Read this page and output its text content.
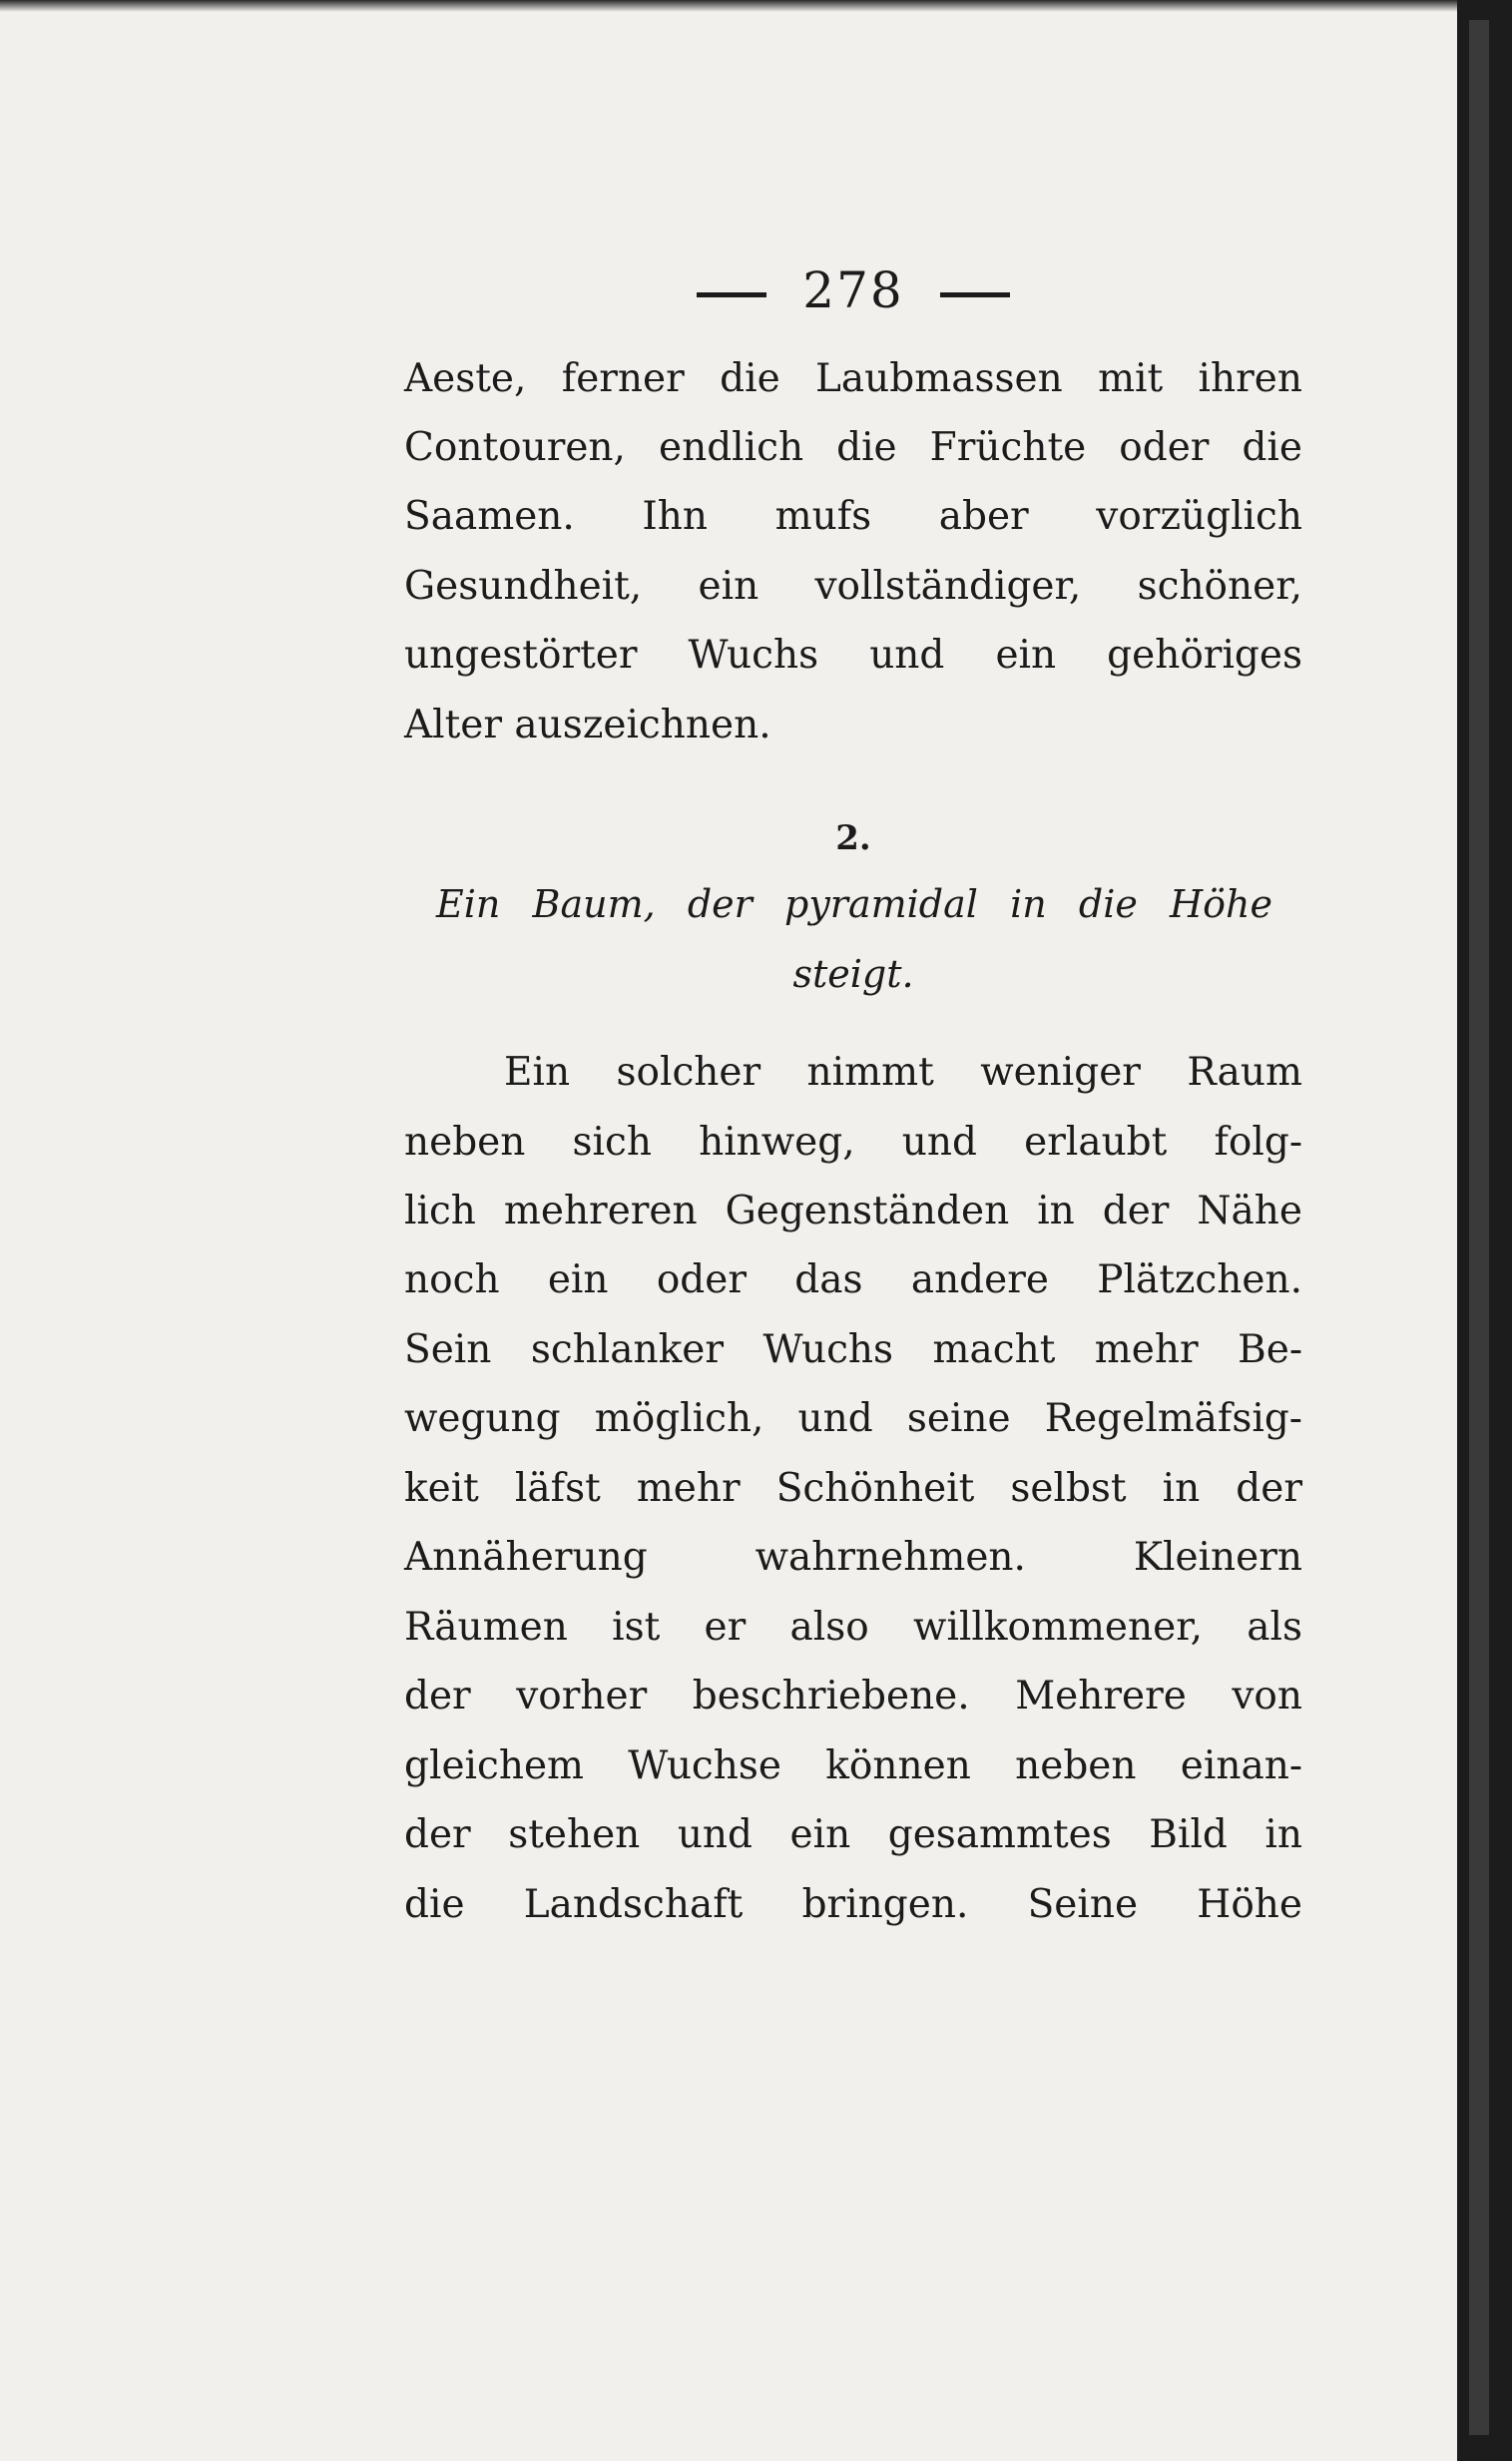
278
Aeste, ferner die Laubmassen mit ihren
Contouren, endlich die Früchte oder die
Saamen. Ihn mufs aber vorzüglich
Gesundheit, ein vollständiger, schöner,
ungestörter Wuchs und ein gehöriges
Alter auszeichnen.
2.
Ein Baum, der pyramidal in die Höhe
steigt.
Ein solcher nimmt weniger Raum
neben sich hinweg, und erlaubt folg-
lich mehreren Gegenständen in der Nähe
noch ein oder das andere Plätzchen.
Sein schlanker Wuchs macht mehr Be-
wegung möglich, und seine Regelmäfsig-
keit läfst mehr Schönheit selbst in der
Annäherung wahrnehmen. Kleinern
Räumen ist er also willkommener, als
der vorher beschriebene. Mehrere von
gleichem Wuchse können neben einan-
der stehen und ein gesammtes Bild in
die Landschaft bringen. Seine Höhe
